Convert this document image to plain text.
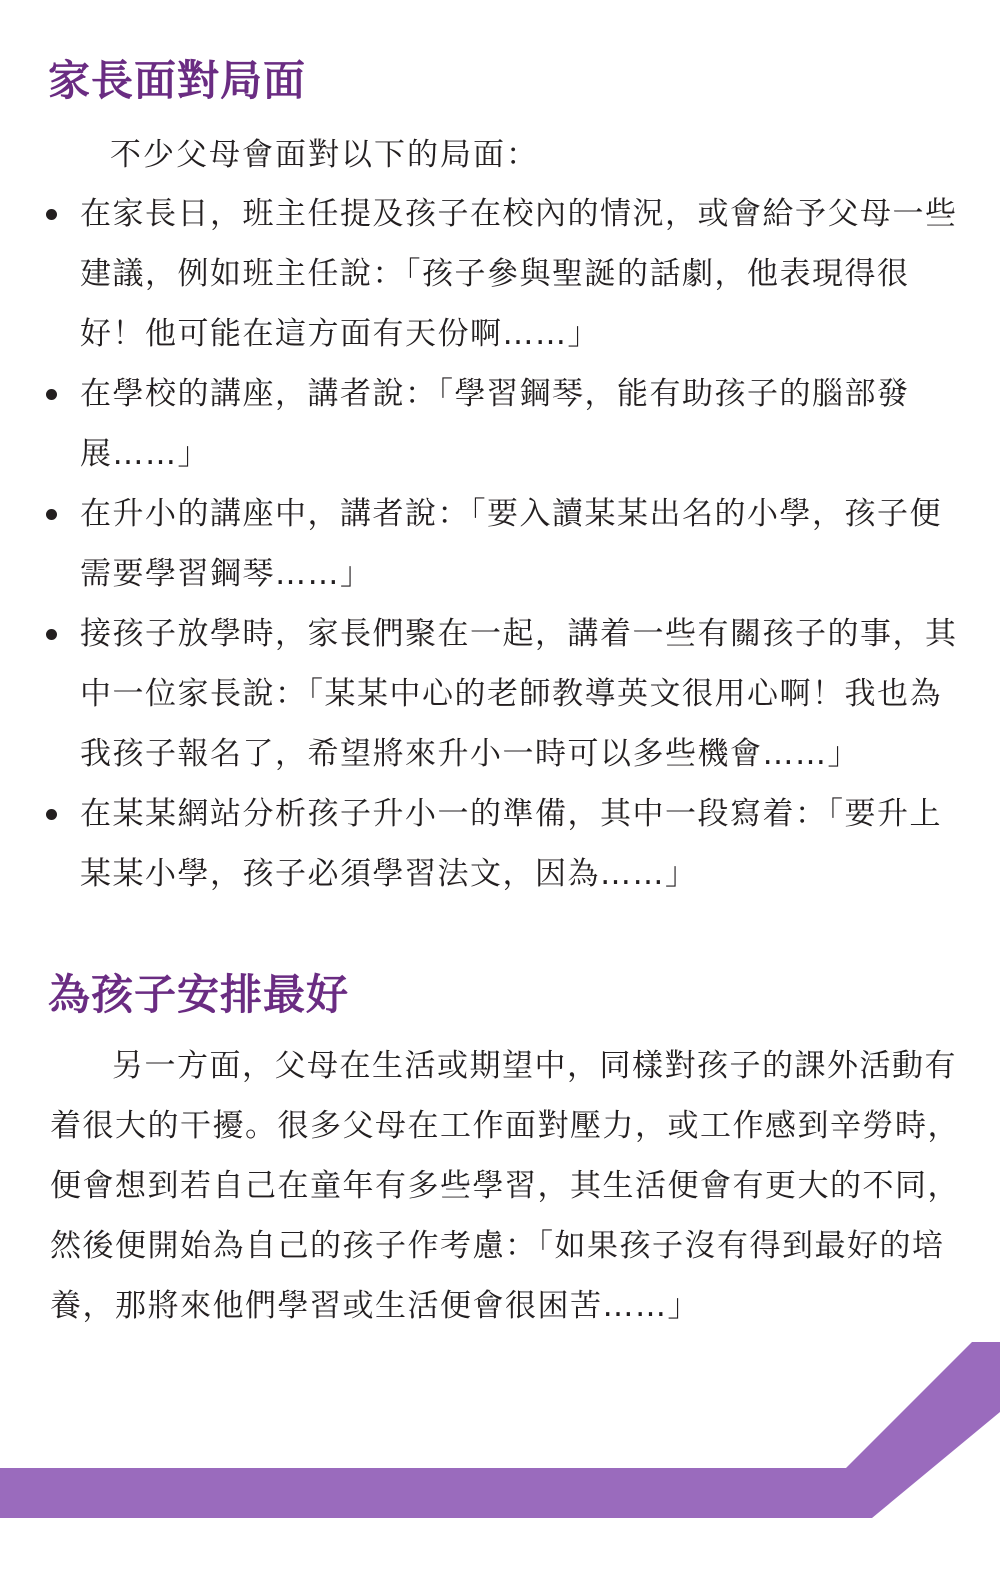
家長面對局面

不少父母會面對以下的局面：

在家長日，班主任提及孩子在校內的情況，或會給予父母一些
建議，例如班主任說：「孩子參與聖誕的話劇，他表現得很
好！他可能在這方面有天份啊……」
在學校的講座，講者說：「學習鋼琴，能有助孩子的腦部發
展……」
在升小的講座中，講者說：「要入讀某某出名的小學，孩子便
需要學習鋼琴……」
接孩子放學時，家長們聚在一起，講着一些有關孩子的事，其
中一位家長說：「某某中心的老師教導英文很用心啊！我也為
我孩子報名了，希望將來升小一時可以多些機會……」
在某某網站分析孩子升小一的準備，其中一段寫着：「要升上
某某小學，孩子必須學習法文，因為……」
為孩子安排最好

另一方面，父母在生活或期望中，同樣對孩子的課外活動有
着很大的干擾。很多父母在工作面對壓力，或工作感到辛勞時，
便會想到若自己在童年有多些學習，其生活便會有更大的不同，
然後便開始為自己的孩子作考慮：「如果孩子沒有得到最好的培
養，那將來他們學習或生活便會很困苦……」
